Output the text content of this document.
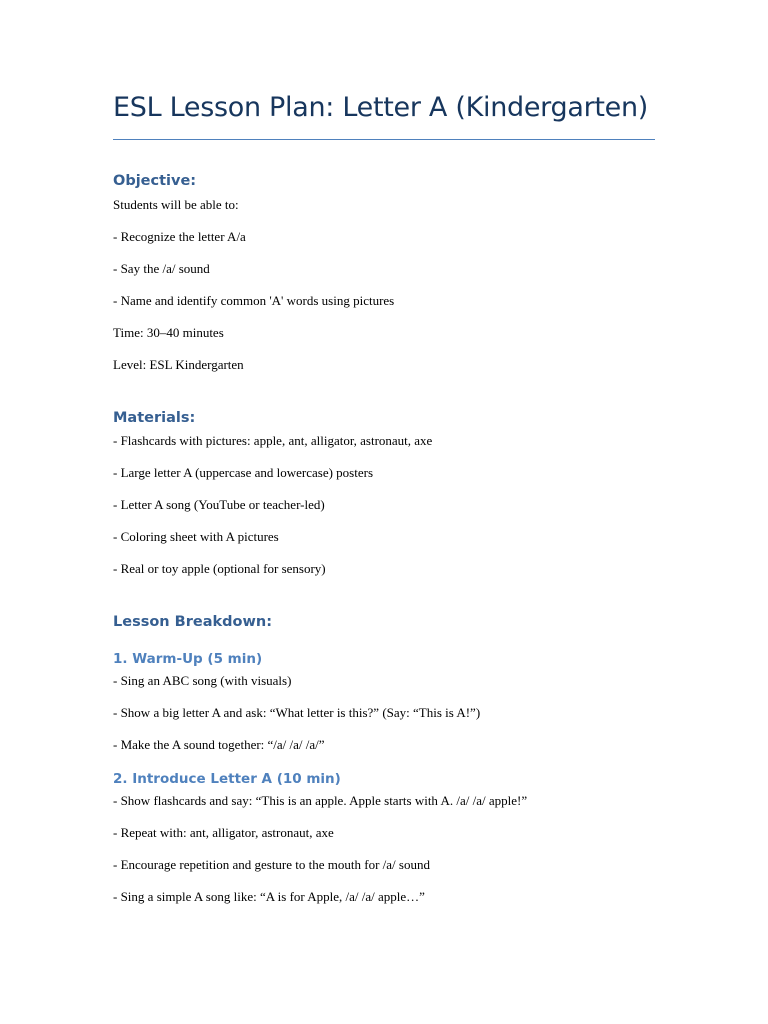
ESL Lesson Plan: Letter A (Kindergarten)
Objective:

Students will be able to:

- Recognize the letter A/a

- Say the /a/ sound

- Name and identify common 'A' words using pictures

Time: 30–40 minutes

Level: ESL Kindergarten

Materials:

- Flashcards with pictures: apple, ant, alligator, astronaut, axe

- Large letter A (uppercase and lowercase) posters

- Letter A song (YouTube or teacher-led)

- Coloring sheet with A pictures

- Real or toy apple (optional for sensory)

Lesson Breakdown:
1. Warm-Up (5 min)

- Sing an ABC song (with visuals)

- Show a big letter A and ask: “What letter is this?” (Say: “This is A!”)

- Make the A sound together: “/a/ /a/ /a/”

2. Introduce Letter A (10 min)

- Show flashcards and say: “This is an apple. Apple starts with A. /a/ /a/ apple!”

- Repeat with: ant, alligator, astronaut, axe

- Encourage repetition and gesture to the mouth for /a/ sound

- Sing a simple A song like: “A is for Apple, /a/ /a/ apple…”
